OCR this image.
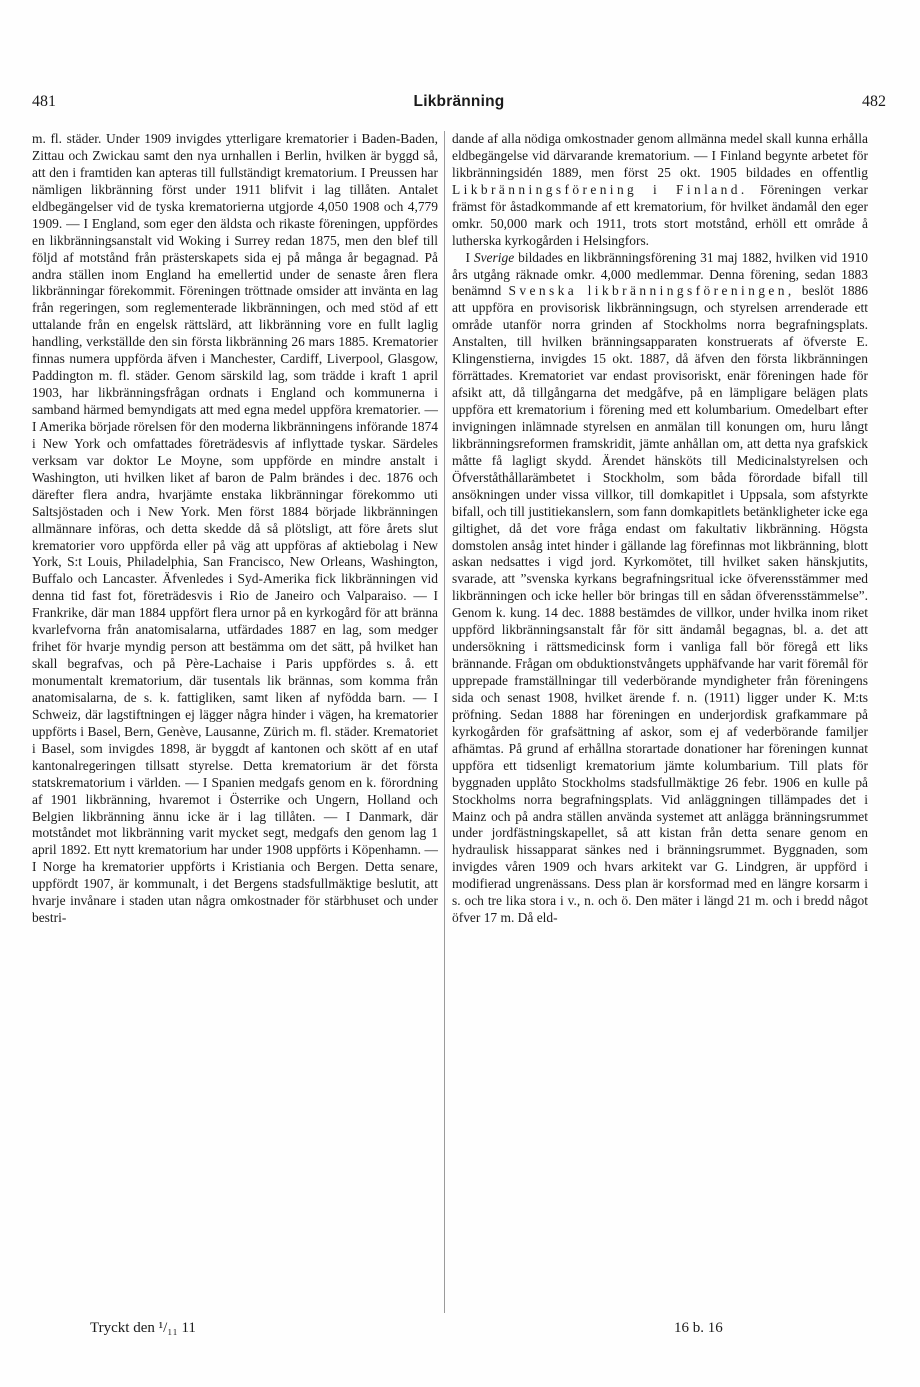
481	Likbränning	482

m. fl. städer. Under 1909 invigdes ytterligare krematorier i Baden-Baden, Zittau och Zwickau samt den nya urnhallen i Berlin, hvilken är byggd så, att den i framtiden kan apteras till fullständigt krematorium. I Preussen har nämligen likbränning först under 1911 blifvit i lag tillåten. Antalet eldbegängelser vid de tyska krematorierna utgjorde 4,050 1908 och 4,779 1909. — I England, som eger den äldsta och rikaste föreningen, uppfördes en likbränningsanstalt vid Woking i Surrey redan 1875, men den blef till följd af motstånd från prästerskapets sida ej på många år begagnad. På andra ställen inom England ha emellertid under de senaste åren flera likbränningar förekommit. Föreningen tröttnade omsider att invänta en lag från regeringen, som reglementerade likbränningen, och med stöd af ett uttalande från en engelsk rättslärd, att likbränning vore en fullt laglig handling, verkställde den sin första likbränning 26 mars 1885. Krematorier finnas numera uppförda äfven i Manchester, Cardiff, Liverpool, Glasgow, Paddington m. fl. städer. Genom särskild lag, som trädde i kraft 1 april 1903, har likbränningsfrågan ordnats i England och kommunerna i samband härmed bemyndigats att med egna medel uppföra krematorier. — I Amerika började rörelsen för den moderna likbränningens införande 1874 i New York och omfattades företrädesvis af inflyttade tyskar. Särdeles verksam var doktor Le Moyne, som uppförde en mindre anstalt i Washington, uti hvilken liket af baron de Palm brändes i dec. 1876 och därefter flera andra, hvarjämte enstaka likbränningar förekommo uti Saltsjöstaden och i New York. Men först 1884 började likbränningen allmännare införas, och detta skedde då så plötsligt, att före årets slut krematorier voro uppförda eller på väg att uppföras af aktiebolag i New York, S:t Louis, Philadelphia, San Francisco, New Orleans, Washington, Buffalo och Lancaster. Äfvenledes i Syd-Amerika fick likbränningen vid denna tid fast fot, företrädesvis i Rio de Janeiro och Valparaiso. — I Frankrike, där man 1884 uppfört flera urnor på en kyrkogård för att bränna kvarlefvorna från anatomisalarna, utfärdades 1887 en lag, som medger frihet för hvarje myndig person att bestämma om det sätt, på hvilket han skall begrafvas, och på Père-Lachaise i Paris uppfördes s. å. ett monumentalt krematorium, där tusentals lik brännas, som komma från anatomisalarna, de s. k. fattigliken, samt liken af nyfödda barn. — I Schweiz, där lagstiftningen ej lägger några hinder i vägen, ha krematorier uppförts i Basel, Bern, Genève, Lausanne, Zürich m. fl. städer. Krematoriet i Basel, som invigdes 1898, är byggdt af kantonen och skött af en utaf kantonalregeringen tillsatt styrelse. Detta krematorium är det första statskrematorium i världen. — I Spanien medgafs genom en k. förordning af 1901 likbränning, hvaremot i Österrike och Ungern, Holland och Belgien likbränning ännu icke är i lag tillåten. — I Danmark, där motståndet mot likbränning varit mycket segt, medgafs den genom lag 1 april 1892. Ett nytt krematorium har under 1908 uppförts i Köpenhamn. — I Norge ha krematorier uppförts i Kristiania och Bergen. Detta senare, uppfördt 1907, är kommunalt, i det Bergens stadsfullmäktige beslutit, att hvarje invånare i staden utan några omkostnader för stärbhuset och under bestri-

dande af alla nödiga omkostnader genom allmänna medel skall kunna erhålla eldbegängelse vid därvarande krematorium. — I Finland begynte arbetet för likbränningsidén 1889, men först 25 okt. 1905 bildades en offentlig Likbränningsförening i Finland. Föreningen verkar främst för åstadkommande af ett krematorium, för hvilket ändamål den eger omkr. 50,000 mark och 1911, trots stort motstånd, erhöll ett område å lutherska kyrkogården i Helsingfors.

 I Sverige bildades en likbränningsförening 31 maj 1882, hvilken vid 1910 års utgång räknade omkr. 4,000 medlemmar. Denna förening, sedan 1883 benämnd Svenska likbränningsföreningen, beslöt 1886 att uppföra en provisorisk likbränningsugn, och styrelsen arrenderade ett område utanför norra grinden af Stockholms norra begrafningsplats. Anstalten, till hvilken bränningsapparaten konstruerats af öfverste E. Klingenstierna, invigdes 15 okt. 1887, då äfven den första likbränningen förrättades. Krematoriet var endast provisoriskt, enär föreningen hade för afsikt att, då tillgångarna det medgåfve, på en lämpligare belägen plats uppföra ett krematorium i förening med ett kolumbarium. Omedelbart efter invigningen inlämnade styrelsen en anmälan till konungen om, huru långt likbränningsreformen framskridit, jämte anhållan om, att detta nya grafskick måtte få lagligt skydd. Ärendet hänsköts till Medicinalstyrelsen och Öfverståthållarämbetet i Stockholm, som båda förordade bifall till ansökningen under vissa villkor, till domkapitlet i Uppsala, som afstyrkte bifall, och till justitiekanslern, som fann domkapitlets betänkligheter icke ega giltighet, då det vore fråga endast om fakultativ likbränning. Högsta domstolen ansåg intet hinder i gällande lag förefinnas mot likbränning, blott askan nedsattes i vigd jord. Kyrkomötet, till hvilket saken hänskjutits, svarade, att ”svenska kyrkans begrafningsritual icke öfverensstämmer med likbränningen och icke heller bör bringas till en sådan öfverensstämmelse”. Genom k. kung. 14 dec. 1888 bestämdes de villkor, under hvilka inom riket uppförd likbränningsanstalt får för sitt ändamål begagnas, bl. a. det att undersökning i rättsmedicinsk form i vanliga fall bör föregå ett liks brännande. Frågan om obduktionstvångets upphäfvande har varit föremål för upprepade framställningar till vederbörande myndigheter från föreningens sida och senast 1908, hvilket ärende f. n. (1911) ligger under K. M:ts pröfning. Sedan 1888 har föreningen en underjordisk grafkammare på kyrkogården för grafsättning af askor, som ej af vederbörande familjer afhämtas. På grund af erhållna storartade donationer har föreningen kunnat uppföra ett tidsenligt krematorium jämte kolumbarium. Till plats för byggnaden upplåto Stockholms stadsfullmäktige 26 febr. 1906 en kulle på Stockholms norra begrafningsplats. Vid anläggningen tillämpades det i Mainz och på andra ställen använda systemet att anlägga bränningsrummet under jordfästningskapellet, så att kistan från detta senare genom en hydraulisk hissapparat sänkes ned i bränningsrummet. Byggnaden, som invigdes våren 1909 och hvars arkitekt var G. Lindgren, är uppförd i modifierad ungrenässans. Dess plan är korsformad med en längre korsarm i s. och tre lika stora i v., n. och ö. Den mäter i längd 21 m. och i bredd något öfver 17 m. Då eld-

Tryckt den ¹/₁₁ 11	16 b. 16
